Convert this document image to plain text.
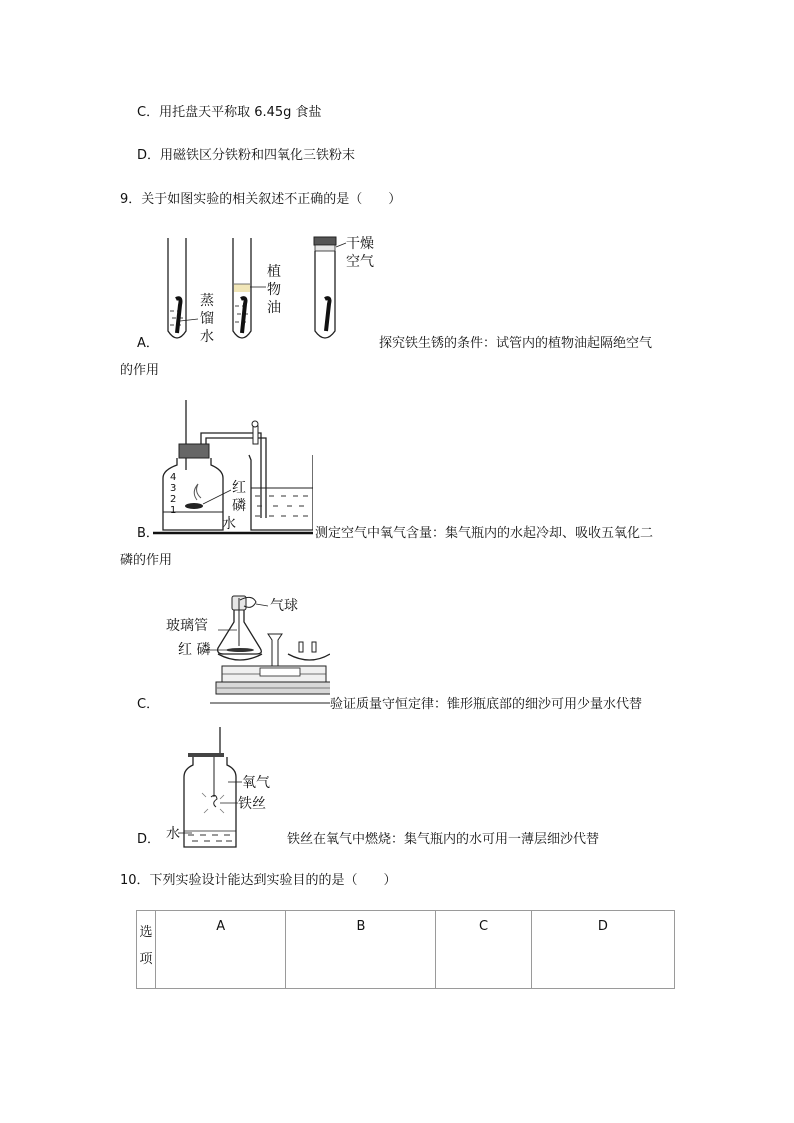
C．用托盘天平称取 6.45g 食盐
D．用磁铁区分铁粉和四氧化三铁粉末
9．关于如图实验的相关叙述不正确的是（　　）
蒸
馏
水
植
物
油
干燥
空气
A．	探究铁生锈的条件：试管内的植物油起隔绝空气
的作用
4
3
2
1
红
磷
水
B．	测定空气中氧气含量：集气瓶内的水起冷却、吸收五氧化二
磷的作用
气球
玻璃管
红 磷
C．	验证质量守恒定律：锥形瓶底部的细沙可用少量水代替
氧气
铁丝
水
D．	铁丝在氧气中燃烧：集气瓶内的水可用一薄层细沙代替
10．下列实验设计能达到实验目的的是（　　）
选
项	A	B	C	D
